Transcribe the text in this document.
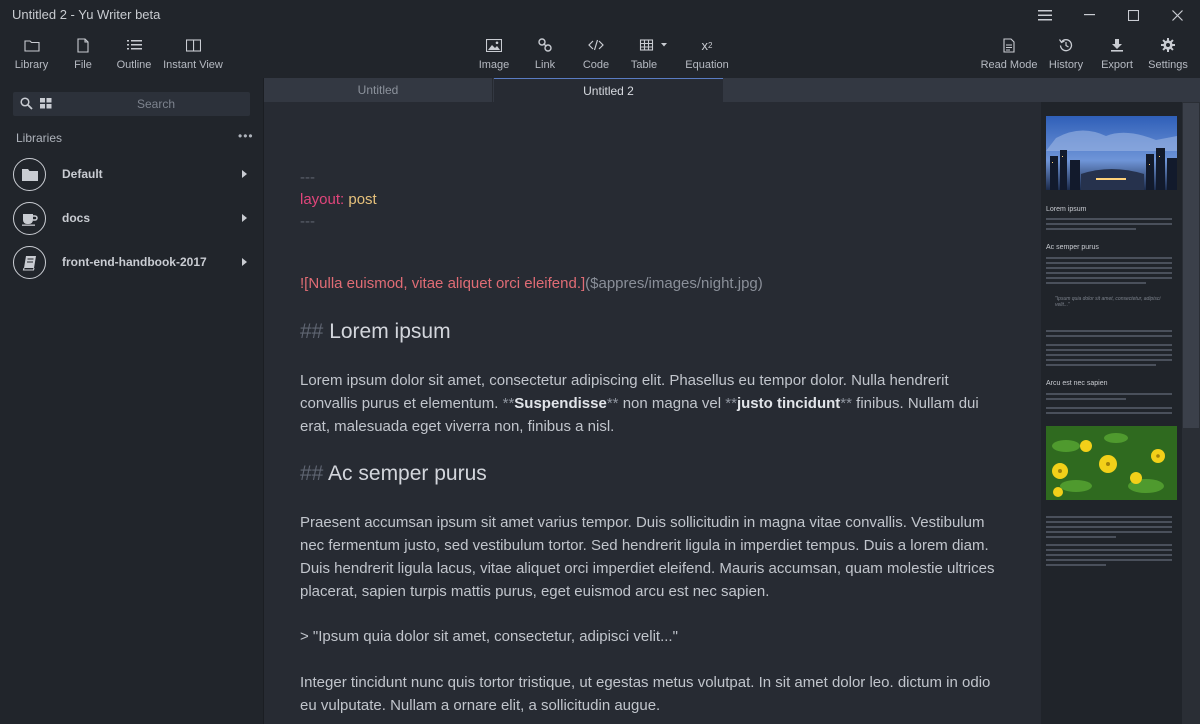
Untitled 2 - Yu Writer beta
Library File Outline Instant View	Image Link	Code Table
x 2
Equation	Read Mode History Export Settings
Search
Libraries	•••
Default
docs
front-end-handbook-2017
Untitled	Untitled 2
---
layout: post
---
![Nulla euismod, vitae aliquet orci eleifend.]($appres/images/night.jpg)
## Lorem ipsum
Lorem ipsum dolor sit amet, consectetur adipiscing elit. Phasellus eu tempor dolor. Nulla hendrerit convallis purus et elementum. **Suspendisse** non magna vel **justo tincidunt** finibus. Nullam dui erat, malesuada eget viverra non, finibus a nisl.
## Ac semper purus
Praesent accumsan ipsum sit amet varius tempor. Duis sollicitudin in magna vitae convallis. Vestibulum nec fermentum justo, sed vestibulum tortor. Sed hendrerit ligula in imperdiet tempus. Duis a lorem diam. Duis hendrerit ligula lacus, vitae aliquet orci imperdiet eleifend. Mauris accumsan, quam molestie ultrices placerat, sapien turpis mattis purus, eget euismod arcu est nec sapien.
> "Ipsum quia dolor sit amet, consectetur, adipisci velit..."
Integer tincidunt nunc quis tortor tristique, ut egestas metus volutpat. In sit amet dolor leo. dictum in odio eu vulputate. Nullam a ornare elit, a sollicitudin augue.
Lorem ipsum
Ac semper purus
"Ipsum quia dolor sit amet, consectetur, adipisci velit..."
Arcu est nec sapien
